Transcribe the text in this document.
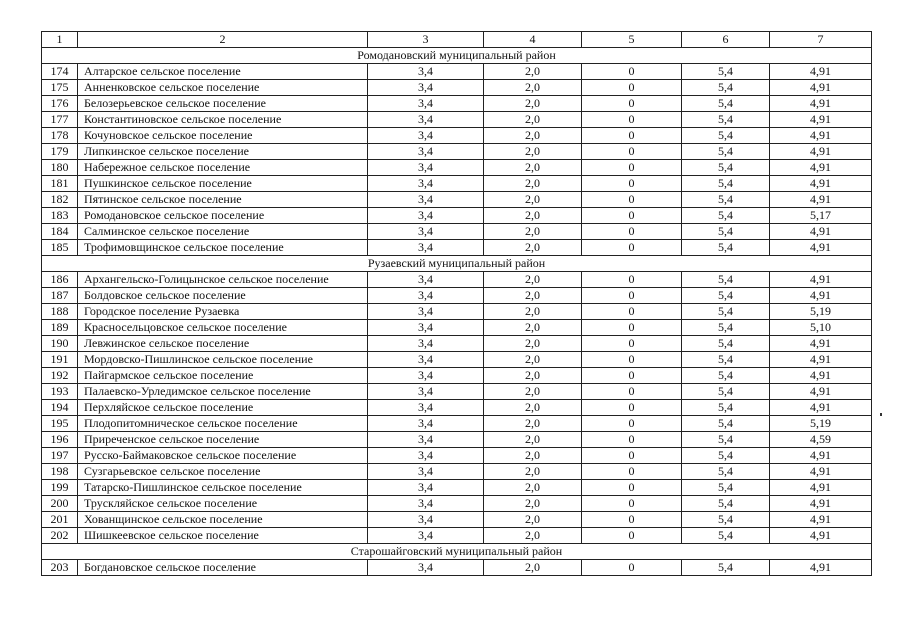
1	2	3	4	5	6	7
Ромодановский муниципальный район						
174	Алтарское сельское поселение	3,4	2,0	0	5,4	4,91
175	Анненковское сельское поселение	3,4	2,0	0	5,4	4,91
176	Белозерьевское сельское поселение	3,4	2,0	0	5,4	4,91
177	Константиновское сельское поселение	3,4	2,0	0	5,4	4,91
178	Кочуновское сельское поселение	3,4	2,0	0	5,4	4,91
179	Липкинское сельское поселение	3,4	2,0	0	5,4	4,91
180	Набережное сельское поселение	3,4	2,0	0	5,4	4,91
181	Пушкинское сельское поселение	3,4	2,0	0	5,4	4,91
182	Пятинское сельское поселение	3,4	2,0	0	5,4	4,91
183	Ромодановское сельское поселение	3,4	2,0	0	5,4	5,17
184	Салминское сельское поселение	3,4	2,0	0	5,4	4,91
185	Трофимовщинское сельское поселение	3,4	2,0	0	5,4	4,91
Рузаевский муниципальный район						
186	Архангельско-Голицынское сельское поселение	3,4	2,0	0	5,4	4,91
187	Болдовское сельское поселение	3,4	2,0	0	5,4	4,91
188	Городское поселение Рузаевка	3,4	2,0	0	5,4	5,19
189	Красносельцовское сельское поселение	3,4	2,0	0	5,4	5,10
190	Левжинское сельское поселение	3,4	2,0	0	5,4	4,91
191	Мордовско-Пишлинское сельское поселение	3,4	2,0	0	5,4	4,91
192	Пайгармское сельское поселение	3,4	2,0	0	5,4	4,91
193	Палаевско-Урледимское сельское поселение	3,4	2,0	0	5,4	4,91
194	Перхляйское сельское поселение	3,4	2,0	0	5,4	4,91
195	Плодопитомническое сельское поселение	3,4	2,0	0	5,4	5,19
196	Приреченское сельское поселение	3,4	2,0	0	5,4	4,59
197	Русско-Баймаковское сельское поселение	3,4	2,0	0	5,4	4,91
198	Сузгарьевское сельское поселение	3,4	2,0	0	5,4	4,91
199	Татарско-Пишлинское сельское поселение	3,4	2,0	0	5,4	4,91
200	Трускляйское сельское поселение	3,4	2,0	0	5,4	4,91
201	Хованщинское сельское поселение	3,4	2,0	0	5,4	4,91
202	Шишкеевское сельское поселение	3,4	2,0	0	5,4	4,91
Старошайговский муниципальный район						
203	Богдановское сельское поселение	3,4	2,0	0	5,4	4,91
